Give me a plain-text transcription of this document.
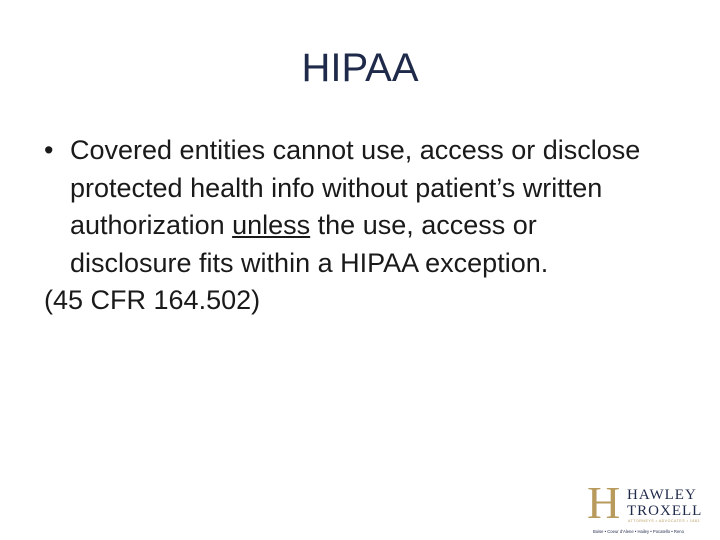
HIPAA
• Covered entities cannot use, access or disclose protected health info without patient’s written authorization unless the use, access or disclosure fits within a HIPAA exception.
(45 CFR 164.502)
H HAWLEY
TROXELL
ATTORNEYS • ADVOCATES • 1883
Boise • Coeur d'Alene • Hailey • Pocatello • Reno
